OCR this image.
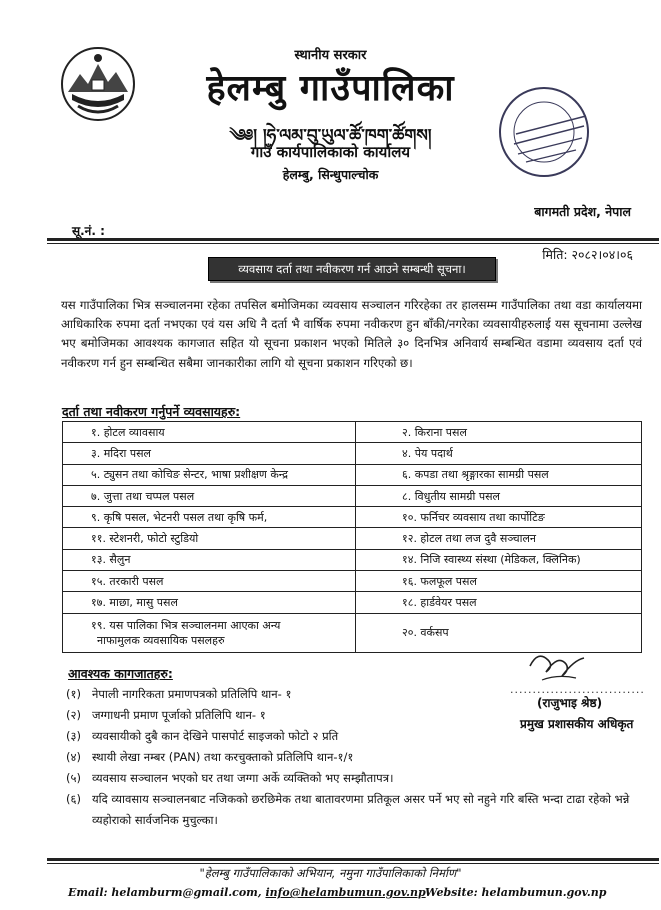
स्थानीय सरकार
हेलम्बु गाउँपालिका
༄༅། །ཧེ་ལམ་བུ་ཡུལ་ཚོ་ཁག་ཚོགས།
गाउँ कार्यपालिकाको कार्यालय
हेलम्बु, सिन्धुपाल्चोक
बागमती प्रदेश, नेपाल
सू.नं. :
मिति: २०८२।०४।०६
व्यवसाय दर्ता तथा नवीकरण गर्न आउने सम्बन्धी सूचना।
यस गाउँपालिका भित्र सञ्चालनमा रहेका तपसिल बमोजिमका व्यवसाय सञ्चालन गरिरहेका तर हालसम्म गाउँपालिका तथा वडा कार्यालयमा आधिकारिक रुपमा दर्ता नभएका एवं यस अधि नै दर्ता भै वार्षिक रुपमा नवीकरण हुन बाँकी/नगरेका व्यवसायीहरुलाई यस सूचनामा उल्लेख भए बमोजिमका आवश्यक कागजात सहित यो सूचना प्रकाशन भएको मितिले ३० दिनभित्र अनिवार्य सम्बन्धित वडामा व्यवसाय दर्ता एवं नवीकरण गर्न हुन सम्बन्धित सबैमा जानकारीका लागि यो सूचना प्रकाशन गरिएको छ।
दर्ता तथा नवीकरण गर्नुपर्ने व्यवसायहरु:
१. होटल व्यावसाय	२. किराना पसल
३. मदिरा पसल	४. पेय पदार्थ
५. ट्युसन तथा कोचिङ सेन्टर, भाषा प्रशीक्षण केन्द्र	६. कपडा तथा श्रृङ्गारका सामग्री पसल
७. जुत्ता तथा चप्पल पसल	८. विधुतीय सामग्री पसल
९. कृषि पसल, भेटनरी पसल तथा कृषि फर्म,	१०. फर्निचर व्यवसाय तथा कार्पोटिङ
११. स्टेशनरी, फोटो स्टुडियो	१२. होटल तथा लज दुवै सञ्चालन
१३. सैलुन	१४. निजि स्वास्थ्य संस्था (मेडिकल, क्लिनिक)
१५. तरकारी पसल	१६. फलफूल पसल
१७. माछा, मासु पसल	१८. हार्डवेयर पसल

१९. यस पालिका भित्र सञ्चालनमा आएका अन्य
नाफामुलक व्यवसायिक पसलहरु	२०. वर्कसप
..............................
(राजुभाइ श्रेष्ठ)
प्रमुख प्रशासकीय अधिकृत
आवश्यक कागजातहरु:
(१) नेपाली नागरिकता प्रमाणपत्रको प्रतिलिपि थान- १
(२) जग्गाधनी प्रमाण पूर्जाको प्रतिलिपि थान- १
(३) व्यवसायीको दुबै कान देखिने पासपोर्ट साइजको फोटो २ प्रति
(४) स्थायी लेखा नम्बर (PAN) तथा करचुक्ताको प्रतिलिपि थान-१/१
(५) व्यवसाय सञ्चालन भएको घर तथा जग्गा अर्के व्यक्तिको भए सम्झौतापत्र।
(६) यदि व्यावसाय सञ्चालनबाट नजिकको छरछिमेक तथा बातावरणमा प्रतिकूल असर पर्ने भए सो नहुने गरि बस्ति भन्दा टाढा रहेको भन्ने व्यहोराको सार्वजनिक मुचुल्का।
"हेलम्बु गाउँपालिकाको अभियान, नमुना गाउँपालिकाको निर्माण"
Email: helamburm@gmail.com, info@helambumun.gov.np Website: helambumun.gov.np
